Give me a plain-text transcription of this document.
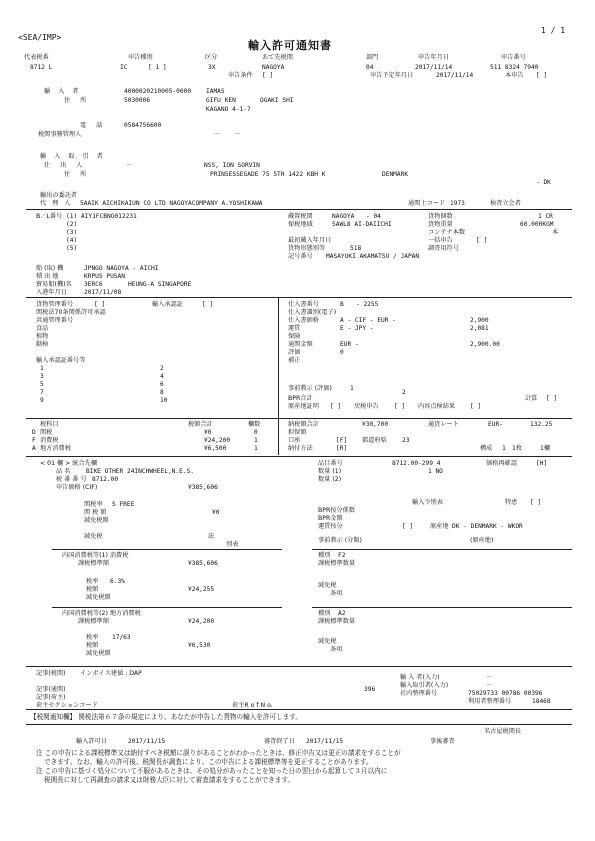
<SEA/IMP>
1 / 1
輸入許可通知書
代表税番	申告種別	区分	あて先税関	部門	申告年月日	申告番号
8712 L	IC	[ 1 ]	3X	NAGOYA	04	2017/11/14	511 8324 7940
申告条件 [ ]	申告予定年月日	2017/11/14	本申告 [ ]
輸 入 者	4000020210005-0000 IAMAS
住 所	5030006	GIFU KEN	OGAKI SHI
KAGANO 4-1-7
電 話	0584756600
税関事務管理人	－ －
輸 入 取 引 者
仕 出 人	－	NSS, ION SORVIN
住 所	PRINSESSEGADE 75 5TH 1422 KBH K	DENMARK
- DK
輸出の委託者
代 理 人 5AAIK AICHIKAIUN CO LTD NAGOYACOMPANY A.YOSHIKAWA	通関士コード 1973	検査立会者
B／L番号 (1) AIY1FCBNG012231
(2)
(3)
(4)
(5)
船 (取) 機	JPNGO NAGOYA - AICHI
積 出 地	KRPUS PUSAN
貿易船(機)名 3ERC6	HEUNG-A SINGAPORE
入港年月日	2017/11/08
蔵置税関	NAGOYA - 04
保税地域	5AWL8 AI-DAIICHI
最初蔵入年月日
貨物形態別等	518
記号番号 MASAYUKI AKAMATSU / JAPAN
貨物個数	1 CR
貨物重量	60.000KGM
コンテナ本数	本
一括申告	[ ]
調査用符号
貨物管理番号	[ ]	輸入承認証	[ ]
関税法70条関係許可承認
共通管理番号
食品
植物
動検
輸入承認証番号等
1	2
3	4
5	6
7	8
9	10
仕入書番号	B - 2255
仕入書識別(電子)
仕入書価格	A - CIF - EUR -	2,900
運賃	E - JPY -	2,081
保険
通関金額	EUR -	2,900.00
評価	0
補正
事前教示 (評価)	1
2
BPR合計
原産地証明 [ ] 戻税申告 [ ] 内容点検結果 [ ]
計算 [ ]
税科目	税額合計	欄数
D 関税	¥0	0
F 消費税	¥24,200	1
A 地方消費税	¥6,500	1
納税額合計	¥30,700	通貨レート	EUR-	132.25
担保額
口座	[F] 都道府県 23
納付方法	[R]	構成 1 1枚	1欄
< 01 欄 > 統合先欄
品 名	BIKE OTHER 24INCHWHEEL,N.E.S.
税 番 番 号 8712.00
申告価格 (CIF)	¥385,606
品目番号	8712.00-299 4	価格再確認	[H]
数量 (1)	1 NO
数量 (2)
関税率 S FREE
関 税 額	¥0
減免税額
輸入令別表	特恵 [ ]
BPR按分係数
BPR金額
運賃按分	[ ]	原産地 DK - DENMARK - WKOR
減免税	法
別表
事前教示 (分類)	(原産地)
内国消費税等(1) 消費税
課税標準額	¥385,606
税率 6.3%
税額	¥24,255
減免税額
種別 F2
課税標準数量
減免税
条項
内国消費税等(2) 地方消費税
課税標準額	¥24,200
税率 17/63
税額	¥6,530
減免税額
種別 A2
課税標準数量
減免税
条項
記事(税関) インボイス建値 : DAP
記事(通関)	396
記事(荷主)
荷主セクションコード	荷主R o f N o.
輸 入 者(入力)	－
輸入取引者(入力)	－
社内整理番号	75029733 00786 00396
利用者整理番号	18468
【税関通知欄】 関税法第６７条の規定により、あなたが申告した貨物の輸入を許可します。
名古屋税関長
輸入許可日	2017/11/15	審査終了日 2017/11/15	事後審査
注 この申告による課税標準又は納付すべき税額に誤りがあることがわかったときは、修正申告又は更正の請求をすることが
できます。なお、輸入の許可後、税関長が調査により、この申告による課税標準等を更正することがあります。
注 この申告に基づく処分について不服があるときは、その処分があったことを知った日の翌日から起算して３月以内に
税関長に対して再調査の請求又は財務大臣に対して審査請求をすることができます。
